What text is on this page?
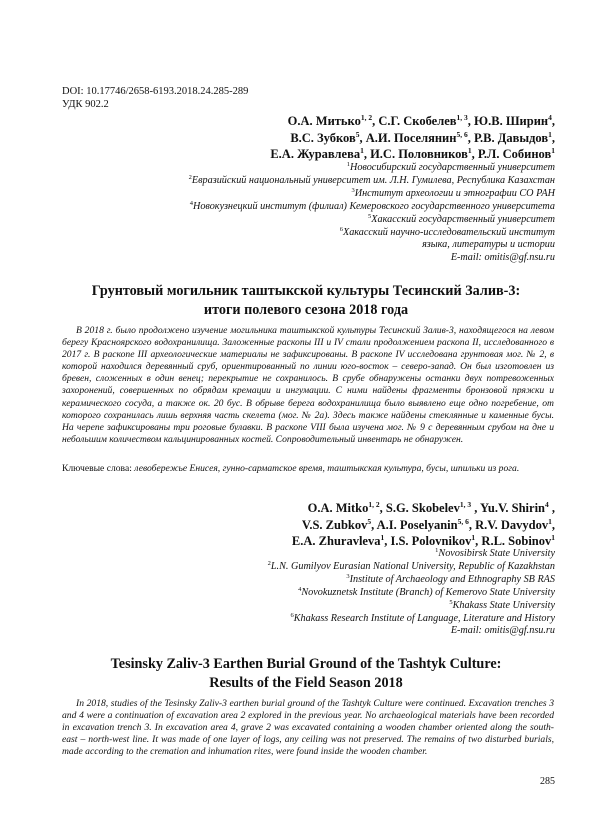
DOI: 10.17746/2658-6193.2018.24.285-289
УДК 902.2
О.А. Митько$^{1, 2}$, С.Г. Скобелев$^{1, 3}$, Ю.В. Ширин$^4$,
В.С. Зубков$^5$, А.И. Поселянин$^{5, 6}$, Р.В. Давыдов$^1$,
Е.А. Журавлева$^1$, И.С. Половников$^1$, Р.Л. Собинов$^1$
$^1$Новосибирский государственный университет
$^2$Евразийский национальный университет им. Л.Н. Гумилева, Республика Казахстан
$^3$Институт археологии и этнографии СО РАН
$^4$Новокузнецкий институт (филиал) Кемеровского государственного университета
$^5$Хакасский государственный университет
$^6$Хакасский научно-исследовательский институт
языка, литературы и истории
E-mail: omitis@gf.nsu.ru
Грунтовый могильник таштыкской культуры Тесинский Залив-3:
итоги полевого сезона 2018 года
В 2018 г. было продолжено изучение могильника таштыкской культуры Тесинский Залив-3, находящегося на левом берегу Красноярского водохранилища. Заложенные раскопы III и IV стали продолжением раскопа II, исследованного в 2017 г. В раскопе III археологические материалы не зафиксированы. В раскопе IV исследована грунтовая мог. № 2, в которой находился деревянный сруб, ориентированный по линии юго-восток – северо-запад. Он был изготовлен из бревен, сложенных в один венец; перекрытие не сохранилось. В срубе обнаружены останки двух потревоженных захоронений, совершенных по обрядам кремации и ингумации. С ними найдены фрагменты бронзовой пряжки и керамического сосуда, а также ок. 20 бус. В обрыве берега водохранилища было выявлено еще одно погребение, от которого сохранилась лишь верхняя часть скелета (мог. № 2а). Здесь также найдены стеклянные и каменные бусы. На черепе зафиксированы три роговые булавки. В раскопе VIII была изучена мог. № 9 с деревянным срубом на дне и небольшим количеством кальцинированных костей. Сопроводительный инвентарь не обнаружен.
Ключевые слова: левобережье Енисея, гунно-сарматское время, таштыкская культура, бусы, шпильки из рога.
O.A. Mitko$^{1, 2}$, S.G. Skobelev$^{1, 3}$ , Yu.V. Shirin$^4$ ,
V.S. Zubkov$^5$, A.I. Poselyanin$^{5, 6}$, R.V. Davydov$^1$,
E.A. Zhuravleva$^1$, I.S. Polovnikov$^1$, R.L. Sobinov$^1$
$^1$Novosibirsk State University
$^2$L.N. Gumilyov Eurasian National University, Republic of Kazakhstan
$^3$Institute of Archaeology and Ethnography SB RAS
$^4$Novokuznetsk Institute (Branch) of Kemerovo State University
$^5$Khakass State University
$^6$Khakass Research Institute of Language, Literature and History
E-mail: omitis@gf.nsu.ru
Tesinsky Zaliv-3 Earthen Burial Ground of the Tashtyk Culture:
Results of the Field Season 2018
In 2018, studies of the Tesinsky Zaliv-3 earthen burial ground of the Tashtyk Culture were continued. Excavation trenches 3 and 4 were a continuation of excavation area 2 explored in the previous year. No archaeological materials have been recorded in excavation trench 3. In excavation area 4, grave 2 was excavated containing a wooden chamber oriented along the south-east – north-west line. It was made of one layer of logs, any ceiling was not preserved. The remains of two disturbed burials, made according to the cremation and inhumation rites, were found inside the wooden chamber.
285
